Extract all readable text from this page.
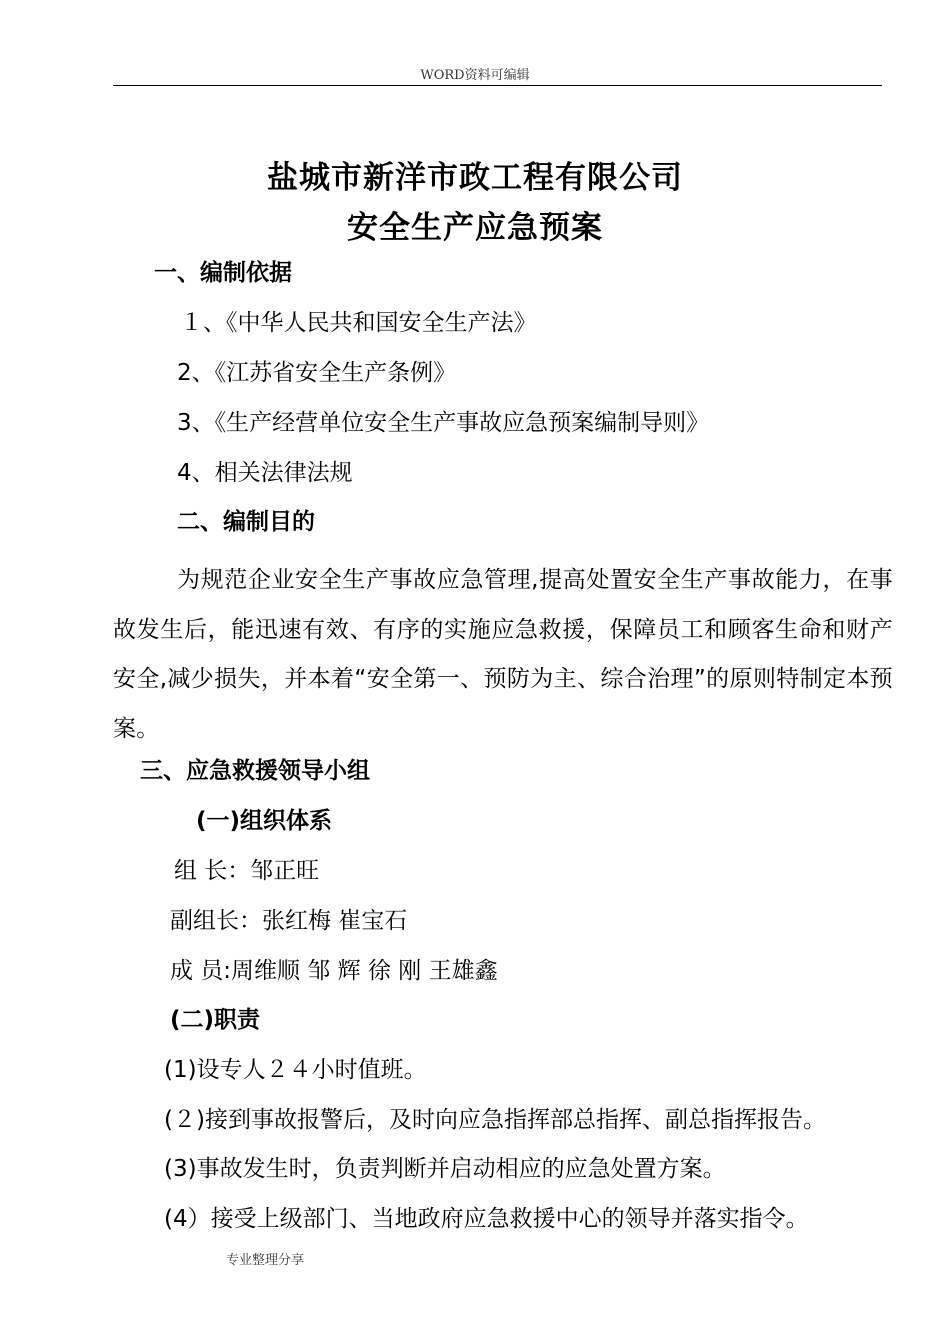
WORD资料可编辑
盐城市新洋市政工程有限公司
安全生产应急预案
一、编制依据
１、《中华人民共和国安全生产法》
2、《江苏省安全生产条例》
3、《生产经营单位安全生产事故应急预案编制导则》
4、相关法律法规
二、编制目的
为规范企业安全生产事故应急管理,提高处置安全生产事故能力，在事故发生后，能迅速有效、有序的实施应急救援，保障员工和顾客生命和财产安全,减少损失，并本着“安全第一、预防为主、综合治理”的原则特制定本预案。
三、应急救援领导小组
(一)组织体系
组 长：邹正旺
副组长：张红梅 崔宝石
成 员:周维顺 邹 辉 徐 刚 王雄鑫
(二)职责
(1)设专人２４小时值班。
(２)接到事故报警后，及时向应急指挥部总指挥、副总指挥报告。
(3)事故发生时，负责判断并启动相应的应急处置方案。
(4）接受上级部门、当地政府应急救援中心的领导并落实指令。
专业整理分享
